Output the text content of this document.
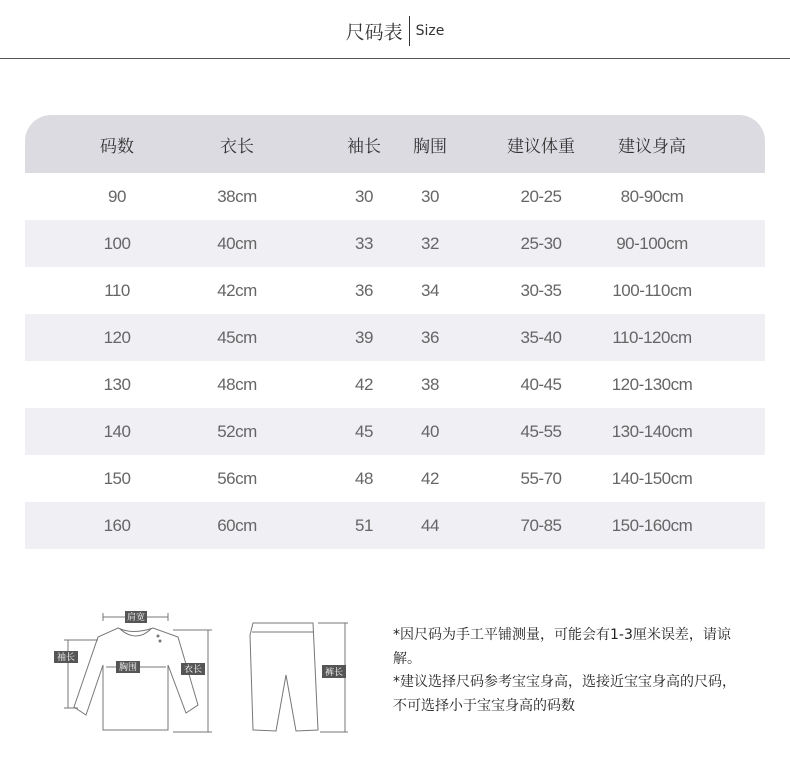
尺码表 Size
码数	衣长	袖长	胸围	建议体重	建议身高
90	38cm	30	30	20-25	80-90cm
100	40cm	33	32	25-30	90-100cm
110	42cm	36	34	30-35	100-110cm
120	45cm	39	36	35-40	110-120cm
130	48cm	42	38	40-45	120-130cm
140	52cm	45	40	45-55	130-140cm
150	56cm	48	42	55-70	140-150cm
160	60cm	51	44	70-85	150-160cm
肩宽
袖长
胸围	衣长	裤长
*因尺码为手工平铺测量，可能会有1-3厘米误差，请谅解。
*建议选择尺码参考宝宝身高，选接近宝宝身高的尺码，不可选择小于宝宝身高的码数
